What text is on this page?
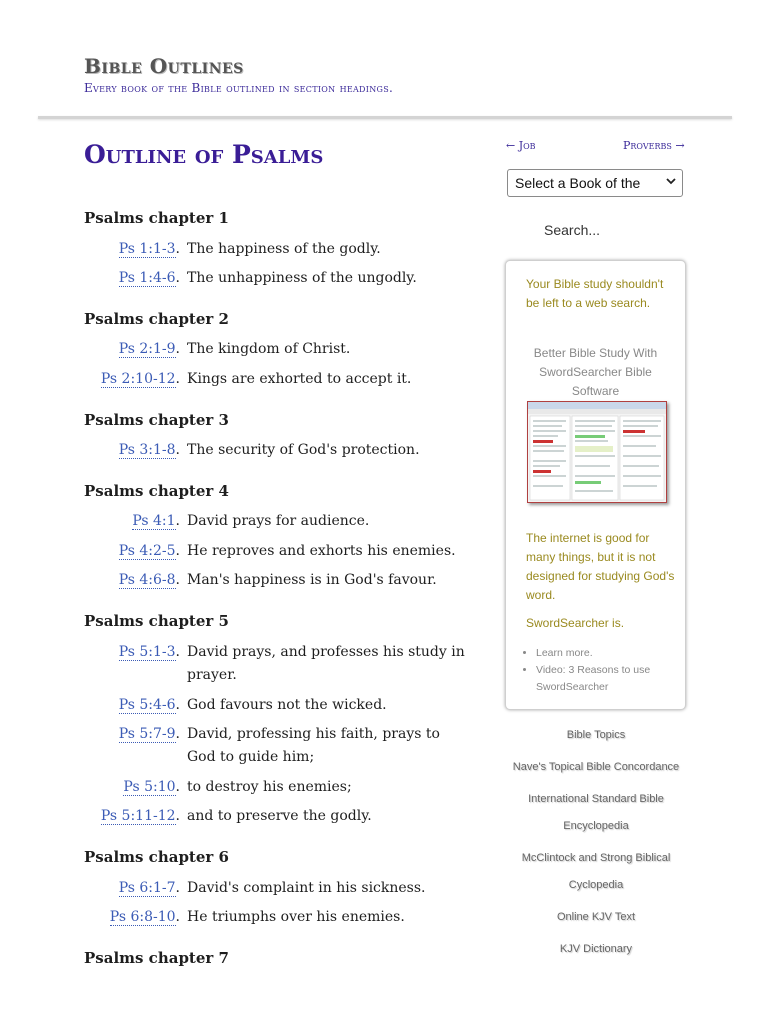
Bible Outlines
Every book of the Bible outlined in section headings.
Outline of Psalms
Psalms chapter 1
Ps 1:1-3. The happiness of the godly.
Ps 1:4-6. The unhappiness of the ungodly.
Psalms chapter 2
Ps 2:1-9. The kingdom of Christ.
Ps 2:10-12. Kings are exhorted to accept it.
Psalms chapter 3
Ps 3:1-8. The security of God's protection.
Psalms chapter 4
Ps 4:1. David prays for audience.
Ps 4:2-5. He reproves and exhorts his enemies.
Ps 4:6-8. Man's happiness is in God's favour.
Psalms chapter 5
Ps 5:1-3. David prays, and professes his study in prayer.
Ps 5:4-6. God favours not the wicked.
Ps 5:7-9. David, professing his faith, prays to God to guide him;
Ps 5:10. to destroy his enemies;
Ps 5:11-12. and to preserve the godly.
Psalms chapter 6
Ps 6:1-7. David's complaint in his sickness.
Ps 6:8-10. He triumphs over his enemies.
Psalms chapter 7
← Job	Proverbs →
Select a Book of the
Search...
Your Bible study shouldn't be left to a web search.
Better Bible Study With SwordSearcher Bible Software
The internet is good for many things, but it is not designed for studying God's word.
SwordSearcher is.
• Learn more.
• Video: 3 Reasons to use SwordSearcher
Bible Topics
Nave's Topical Bible Concordance
International Standard Bible Encyclopedia
McClintock and Strong Biblical Cyclopedia
Online KJV Text
KJV Dictionary
